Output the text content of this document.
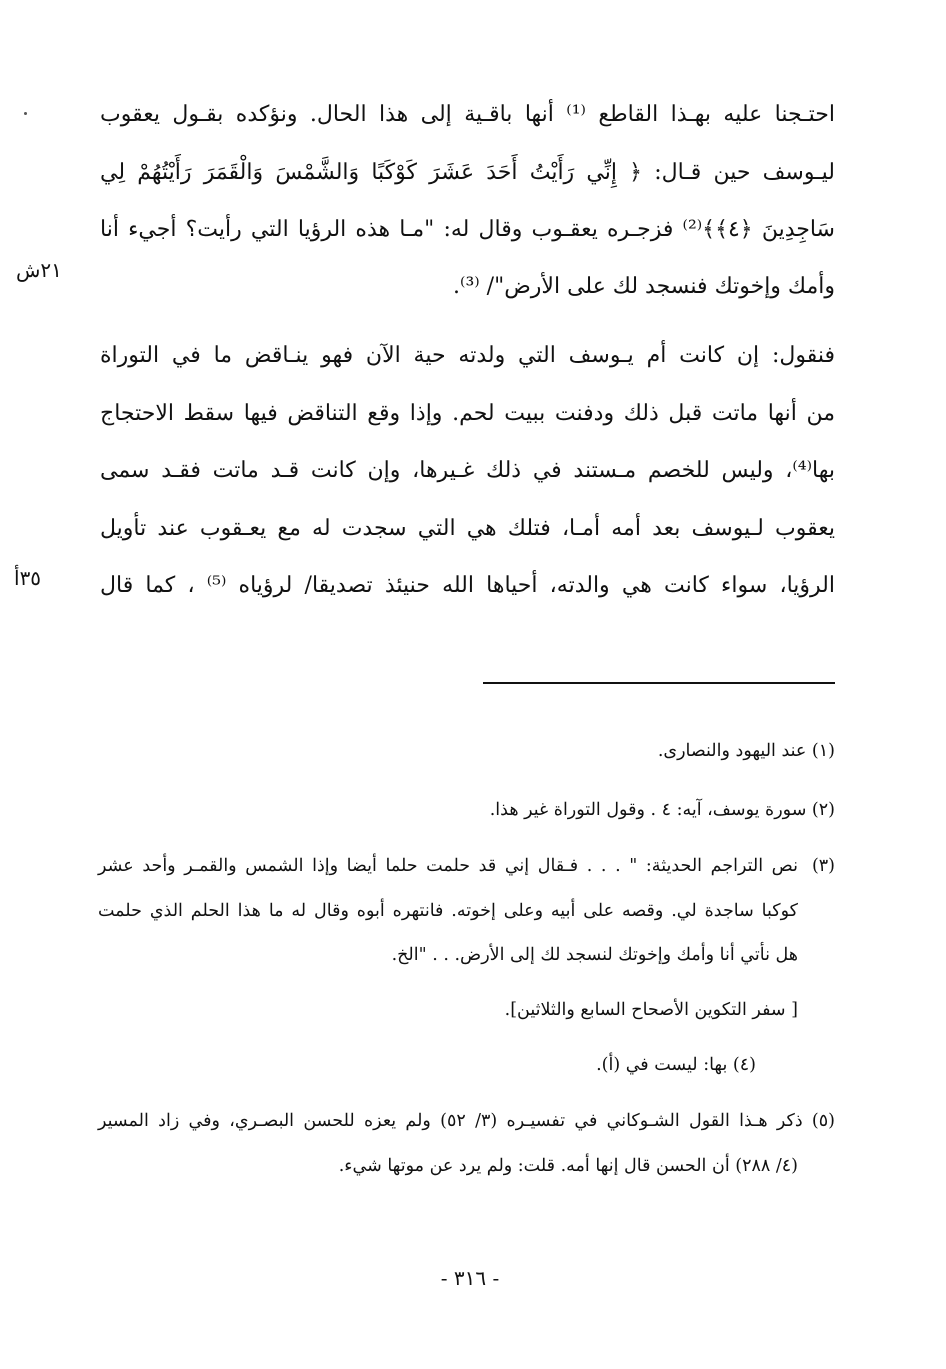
٢١ش
٣٥أ
احتـجنا عليه بهـذا القاطع ⁽¹⁾ أنها باقـية إلى هذا الحال. ونؤكده بقـول يعقوب
ليـوسف حين قـال: ﴿ إِنِّي رَأَيْتُ أَحَدَ عَشَرَ كَوْكَبًا وَالشَّمْسَ وَالْقَمَرَ رَأَيْتُهُمْ لِي
سَاجِدِينَ ﴿٤﴾﴾⁽²⁾ فزجـره يعقـوب وقال له: "مـا هذه الرؤيا التي رأيت؟ أجيء أنا
وأمك وإخوتك فنسجد لك على الأرض"/ ⁽³⁾.
فنقول: إن كانت أم يـوسف التي ولدته حية الآن فهو ينـاقض ما في التوراة
من أنها ماتت قبل ذلك ودفنت ببيت لحم. وإذا وقع التناقض فيها سقط الاحتجاج
بها⁽⁴⁾، وليس للخصم مـستند في ذلك غـيرها، وإن كانت قـد ماتت فقـد سمى
يعقوب لـيوسف بعد أمه أمـا، فتلك هي التي سجدت له مع يعـقوب عند تأويل
الرؤيا، سواء كانت هي والدته، أحياها الله حنيئذ تصديقا/ لرؤياه ⁽⁵⁾ ، كما قال
(١) عند اليهود والنصارى.
(٢) سورة يوسف، آيه: ٤ . وقول التوراة غير هذا.
(٣)
نص التراجم الحديثة: " . . . فـقال إني قد حلمت حلما أيضا وإذا الشمس والقمـر وأحد عشر
كوكبا ساجدة لي. وقصه على أبيه وعلى إخوته. فانتهره أبوه وقال له ما هذا الحلم الذي حلمت
هل نأتي أنا وأمك وإخوتك لنسجد لك إلى الأرض. . . "الخ.
[ سفر التكوين الأصحاح السابع والثلاثين].
(٤) بها: ليست في (أ).
(٥) ذكر هـذا القول الشـوكاني في تفسيـره (٣/ ٥٢) ولم يعزه للحسن البصـري، وفي زاد المسير
(٤/ ٢٨٨) أن الحسن قال إنها أمه. قلت: ولم يرد عن موتها شيء.
- ٣١٦ -
